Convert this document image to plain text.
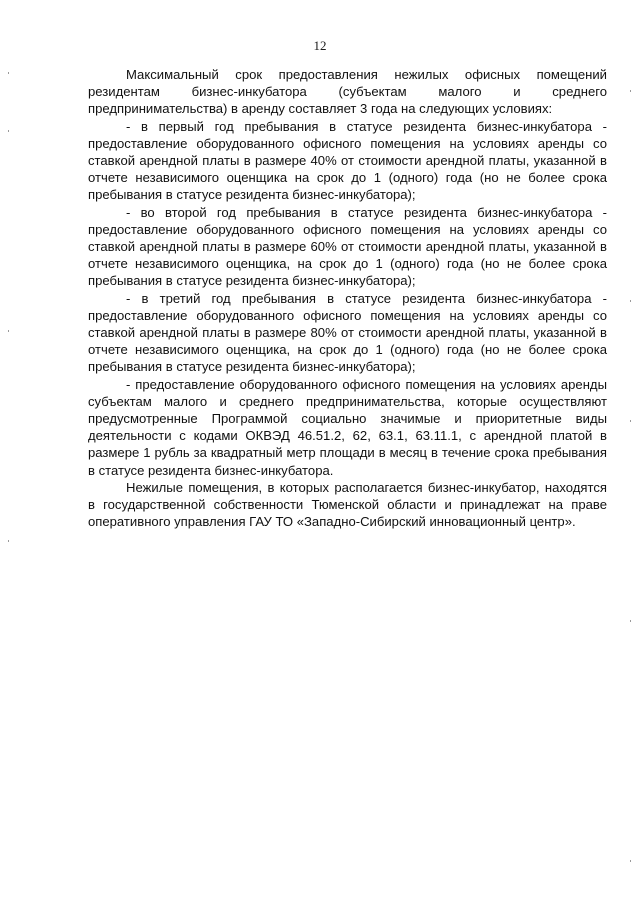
12

Максимальный срок предоставления нежилых офисных помещений резидентам бизнес-инкубатора (субъектам малого и среднего предпринимательства) в аренду составляет 3 года на следующих условиях:

- в первый год пребывания в статусе резидента бизнес-инкубатора - предоставление оборудованного офисного помещения на условиях аренды со ставкой арендной платы в размере 40% от стоимости арендной платы, указанной в отчете независимого оценщика на срок до 1 (одного) года (но не более срока пребывания в статусе резидента бизнес-инкубатора);

- во второй год пребывания в статусе резидента бизнес-инкубатора - предоставление оборудованного офисного помещения на условиях аренды со ставкой арендной платы в размере 60% от стоимости арендной платы, указанной в отчете независимого оценщика, на срок до 1 (одного) года (но не более срока пребывания в статусе резидента бизнес-инкубатора);

- в третий год пребывания в статусе резидента бизнес-инкубатора - предоставление оборудованного офисного помещения на условиях аренды со ставкой арендной платы в размере 80% от стоимости арендной платы, указанной в отчете независимого оценщика, на срок до 1 (одного) года (но не более срока пребывания в статусе резидента бизнес-инкубатора);

- предоставление оборудованного офисного помещения на условиях аренды субъектам малого и среднего предпринимательства, которые осуществляют предусмотренные Программой социально значимые и приоритетные виды деятельности с кодами ОКВЭД 46.51.2, 62, 63.1, 63.11.1, с арендной платой в размере 1 рубль за квадратный метр площади в месяц в течение срока пребывания в статусе резидента бизнес-инкубатора.

Нежилые помещения, в которых располагается бизнес-инкубатор, находятся в государственной собственности Тюменской области и принадлежат на праве оперативного управления ГАУ ТО «Западно-Сибирский инновационный центр».
